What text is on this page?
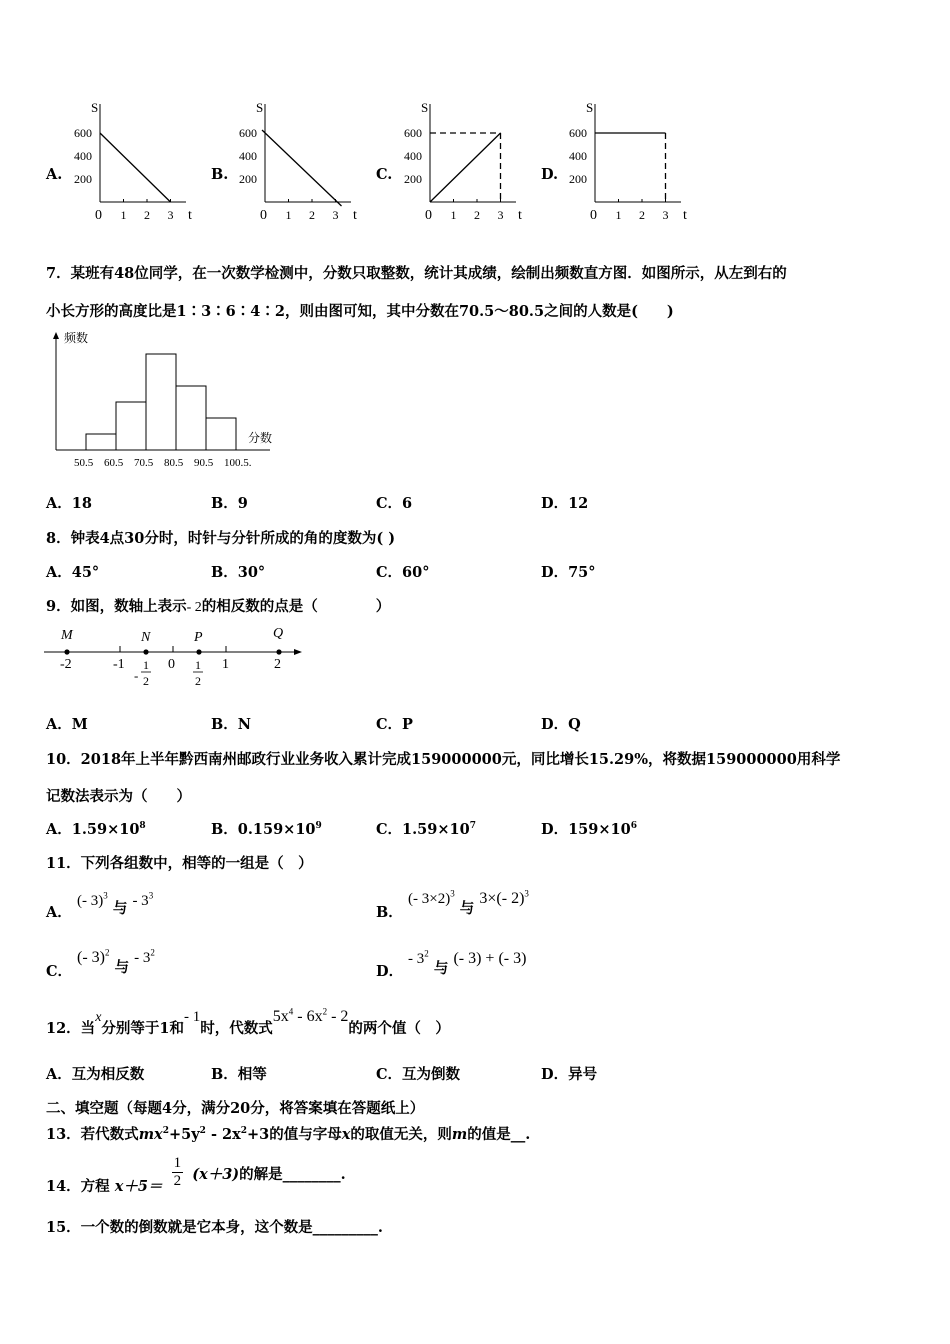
A.
S
t
600
400
200
0 1 2 3
B.
S
t
600
400
200
0 1 2 3
C.
S
t
600
400
200
0 1 2 3
D.
S
t
600
400
200
0 1 2 3
7．某班有48位同学，在一次数学检测中，分数只取整数，统计其成绩，绘制出频数直方图．如图所示，从左到右的
小长方形的高度比是1∶3∶6∶4∶2，则由图可知，其中分数在70.5～80.5之间的人数是(　　)
频数
分数
50.5 60.5 70.5 80.5 90.5 100.5.
A．18	B．9	C．6	D．12
8．钟表4点30分时，时针与分针所成的角的度数为( )
A．45°	B．30°	C．60°	D．75°
9．如图，数轴上表示- 2的相反数的点是（　　　　）
M	N	P	Q
-2	-1	0	1	2
-
1
2
1
2
A．M	B．N	C．P	D．Q
10．2018年上半年黔西南州邮政行业业务收入累计完成159000000元，同比增长15.29%，将数据159000000用科学
记数法表示为（　　）
A．$1.59\times 10^8$	B．$0.159\times 10^9$	C．$1.59\times 10^7$	D．$159\times 10^6$
11．下列各组数中，相等的一组是（　）
A．
(- 3)$^3$ 与 - $3^3$
B．
(- 3×2)$^3$ 与 3×(- 2)$^3$
C．
(- 3)$^2$ 与 - $3^2$
D．
- $3^2$ 与 (- 3) + (- 3)
12．当x分别等于1和- 1时，代数式$5x^4 - 6x^2 - 2$的两个值（　）
A．互为相反数	B．相等	C．互为倒数	D．异号
二、填空题（每题4分，满分20分，将答案填在答题纸上）
13．若代数式$mx^2+5y^2 - 2x^2+3$的值与字母x的取值无关，则m的值是__.
14．方程 $x+5= \frac{1}{2} (x+3)$的解是________.
15．一个数的倒数就是它本身，这个数是_________.
